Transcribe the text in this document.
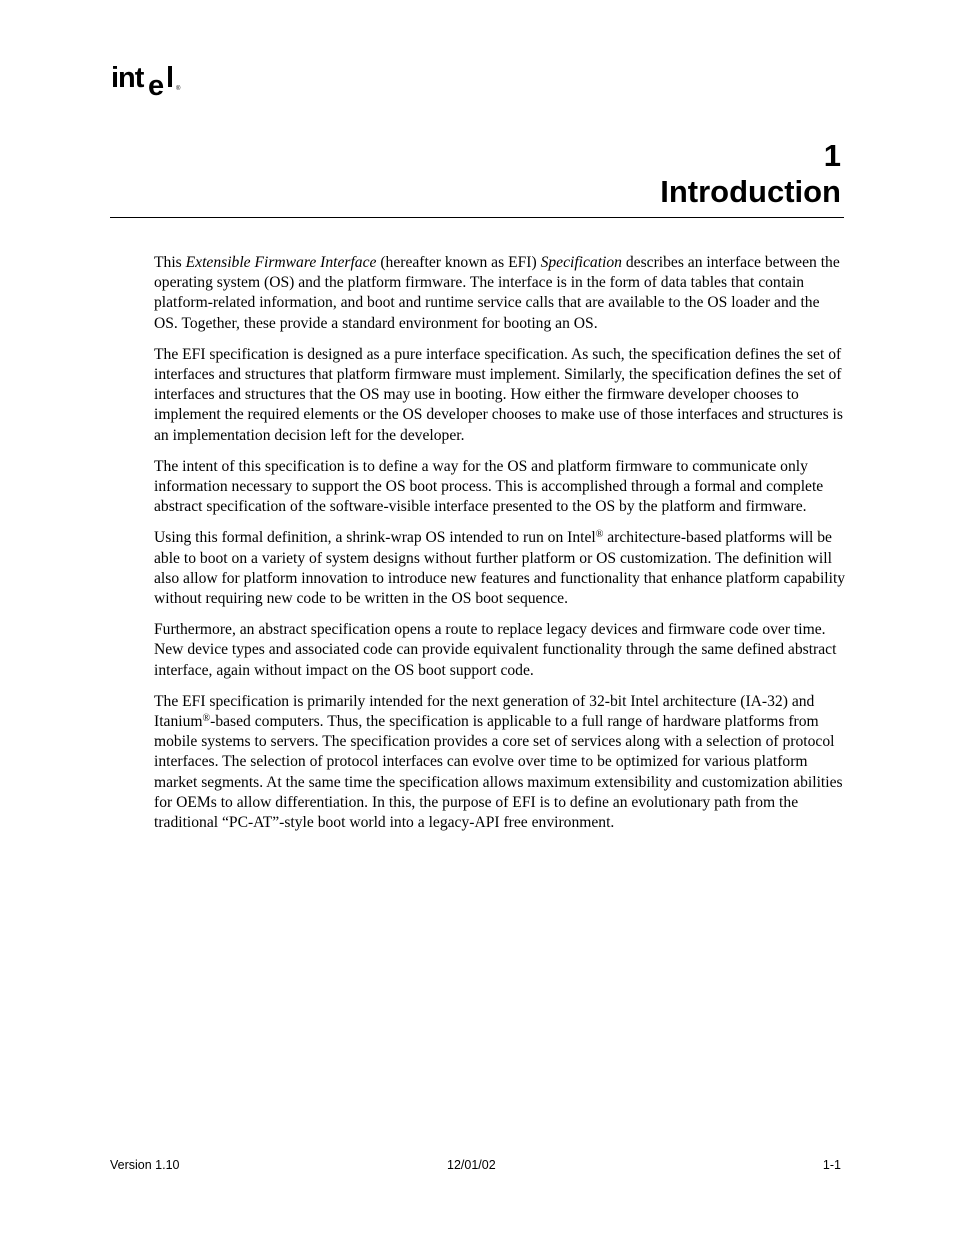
int e l ®
1
Introduction

This Extensible Firmware Interface (hereafter known as EFI) Specification describes an interface between the operating system (OS) and the platform firmware. The interface is in the form of data tables that contain platform-related information, and boot and runtime service calls that are available to the OS loader and the OS. Together, these provide a standard environment for booting an OS.

The EFI specification is designed as a pure interface specification. As such, the specification defines the set of interfaces and structures that platform firmware must implement. Similarly, the specification defines the set of interfaces and structures that the OS may use in booting. How either the firmware developer chooses to implement the required elements or the OS developer chooses to make use of those interfaces and structures is an implementation decision left for the developer.

The intent of this specification is to define a way for the OS and platform firmware to communicate only information necessary to support the OS boot process. This is accomplished through a formal and complete abstract specification of the software-visible interface presented to the OS by the platform and firmware.

Using this formal definition, a shrink-wrap OS intended to run on Intel® architecture-based platforms will be able to boot on a variety of system designs without further platform or OS customization. The definition will also allow for platform innovation to introduce new features and functionality that enhance platform capability without requiring new code to be written in the OS boot sequence.

Furthermore, an abstract specification opens a route to replace legacy devices and firmware code over time. New device types and associated code can provide equivalent functionality through the same defined abstract interface, again without impact on the OS boot support code.

The EFI specification is primarily intended for the next generation of 32-bit Intel architecture (IA-32) and Itanium®-based computers. Thus, the specification is applicable to a full range of hardware platforms from mobile systems to servers. The specification provides a core set of services along with a selection of protocol interfaces. The selection of protocol interfaces can evolve over time to be optimized for various platform market segments. At the same time the specification allows maximum extensibility and customization abilities for OEMs to allow differentiation. In this, the purpose of EFI is to define an evolutionary path from the traditional “PC-AT”-style boot world into a legacy-API free environment.

Version 1.10	12/01/02	1-1
